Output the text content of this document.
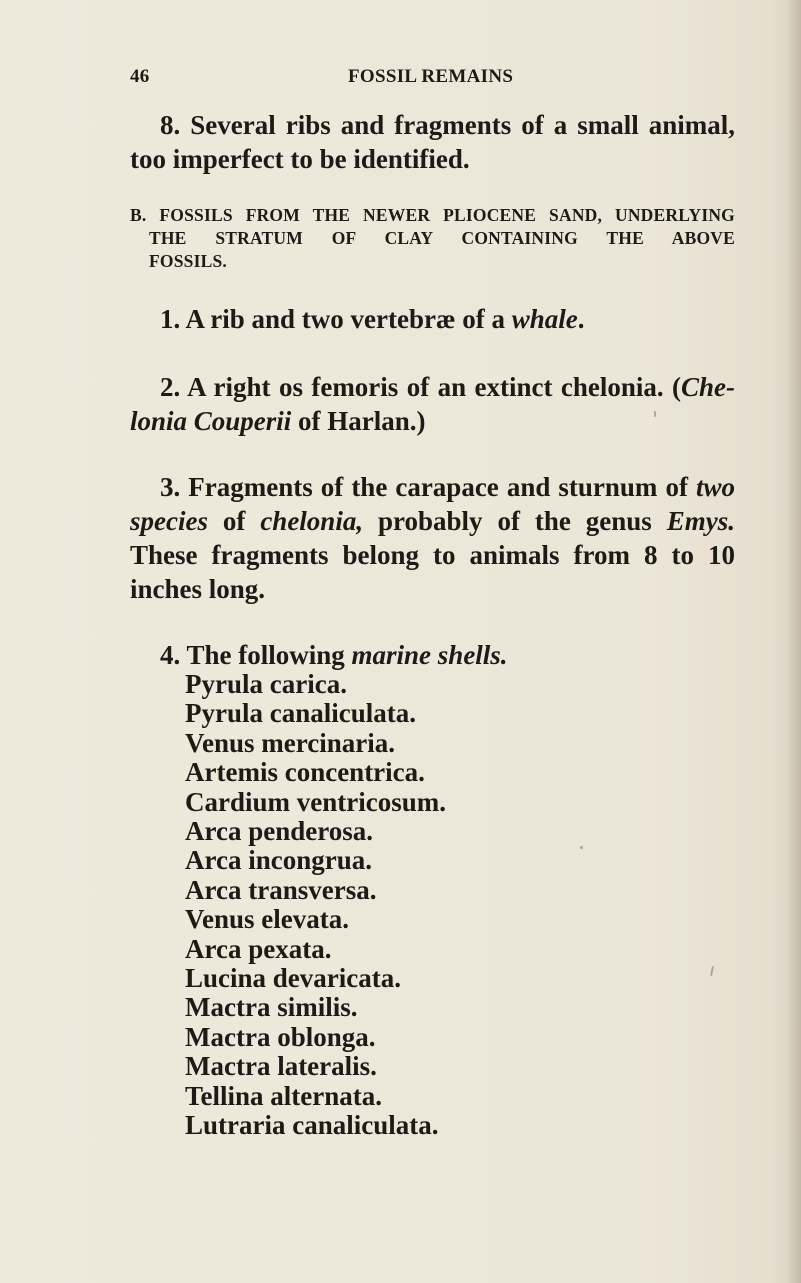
46	FOSSIL REMAINS
8. Several ribs and fragments of a small animal,
too imperfect to be identified.
B. FOSSILS FROM THE NEWER PLIOCENE SAND, UNDERLYING
THE STRATUM OF CLAY CONTAINING THE ABOVE
FOSSILS.
1. A rib and two vertebræ of a whale.
2. A right os femoris of an extinct chelonia. (Che-
lonia Couperii of Harlan.)
3. Fragments of the carapace and sturnum of two
species of chelonia, probably of the genus Emys.
These fragments belong to animals from 8 to 10
inches long.
4. The following marine shells.
Pyrula carica.
Pyrula canaliculata.
Venus mercinaria.
Artemis concentrica.
Cardium ventricosum.
Arca penderosa.
Arca incongrua.
Arca transversa.
Venus elevata.
Arca pexata.
Lucina devaricata.
Mactra similis.
Mactra oblonga.
Mactra lateralis.
Tellina alternata.
Lutraria canaliculata.
